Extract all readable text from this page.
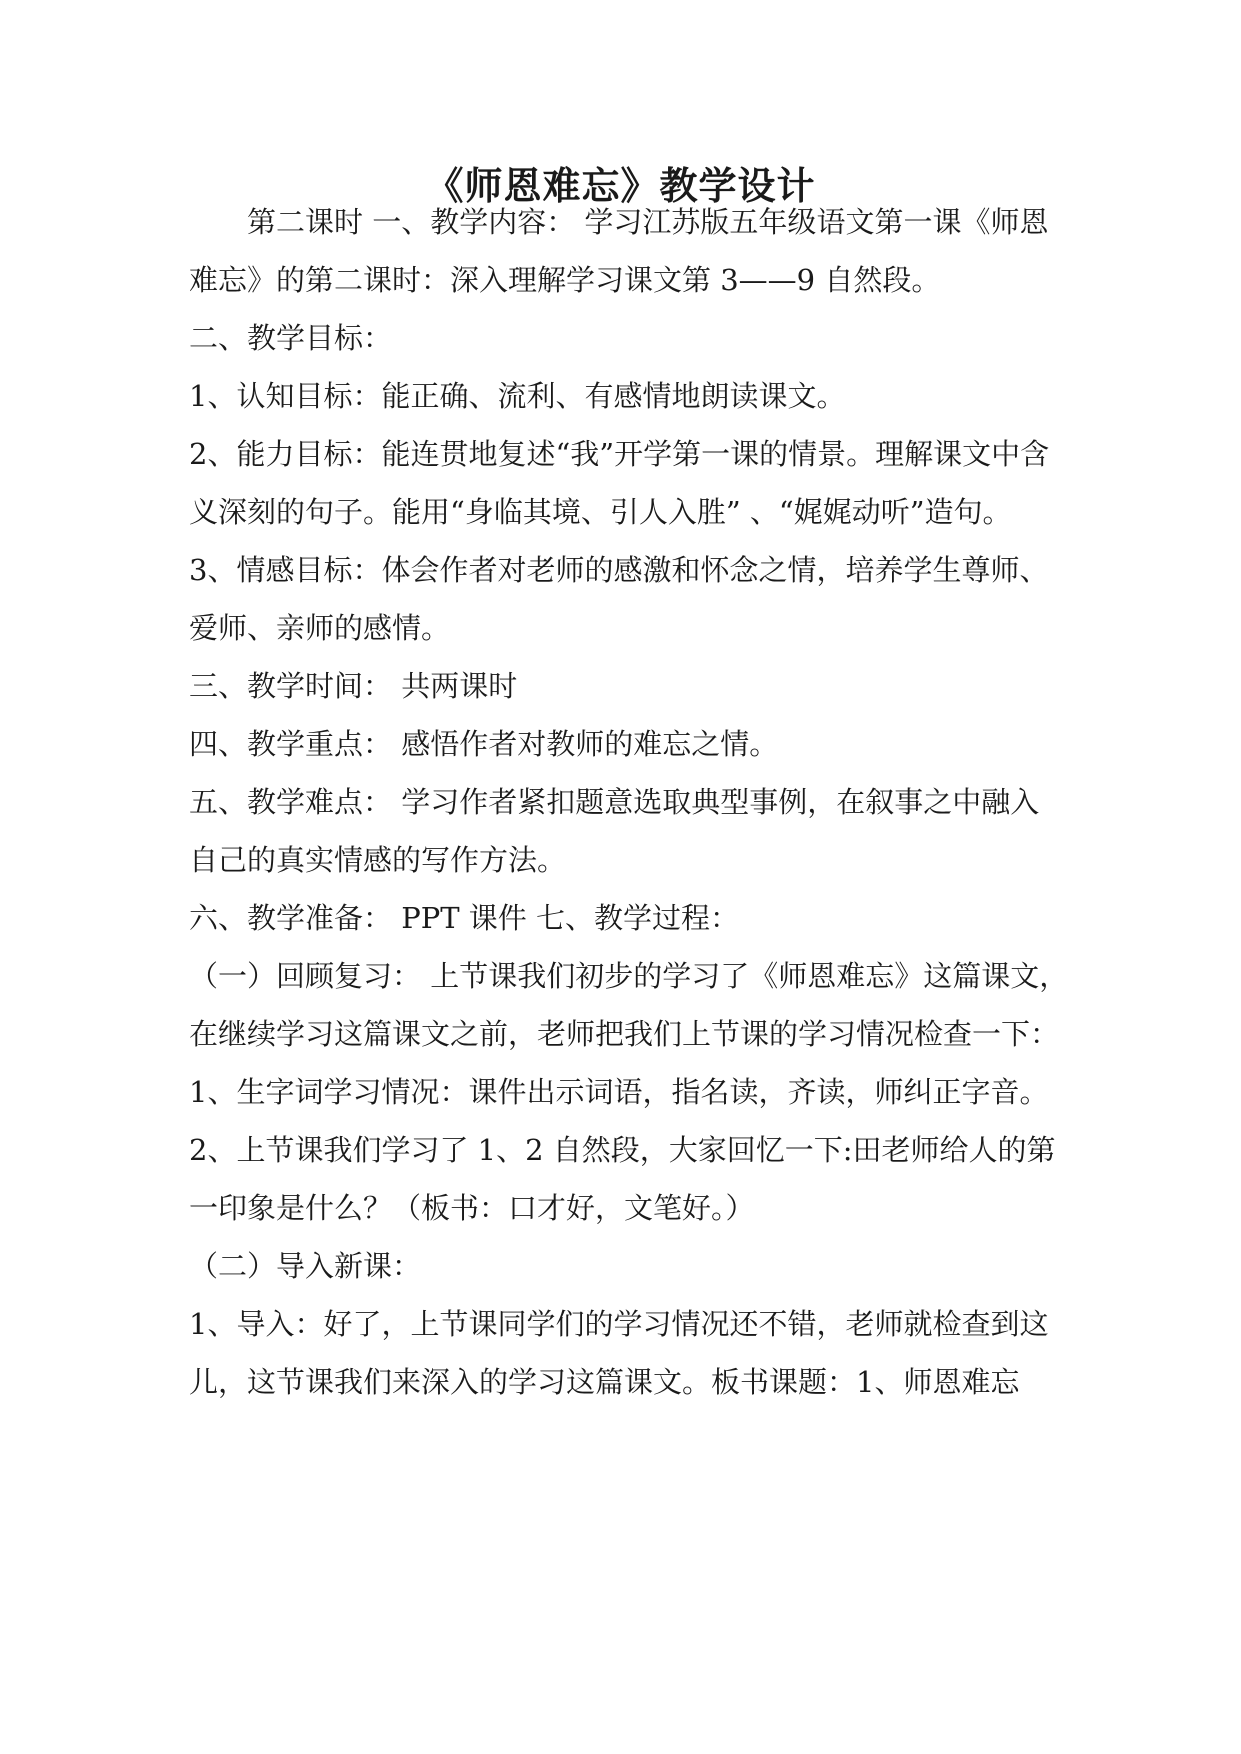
《师恩难忘》教学设计
　　第二课时 一、教学内容： 学习江苏版五年级语文第一课《师恩
难忘》的第二课时：深入理解学习课文第 3——9 自然段。
二、教学目标：
1、认知目标：能正确、流利、有感情地朗读课文。
2、能力目标：能连贯地复述“我”开学第一课的情景。理解课文中含
义深刻的句子。能用“身临其境、引人入胜” 、“娓娓动听”造句。
3、情感目标：体会作者对老师的感激和怀念之情，培养学生尊师、
爱师、亲师的感情。
三、教学时间： 共两课时
四、教学重点： 感悟作者对教师的难忘之情。
五、教学难点： 学习作者紧扣题意选取典型事例，在叙事之中融入
自己的真实情感的写作方法。
六、教学准备： PPT 课件 七、教学过程：
（一）回顾复习： 上节课我们初步的学习了《师恩难忘》这篇课文，
在继续学习这篇课文之前，老师把我们上节课的学习情况检查一下：
1、生字词学习情况：课件出示词语，指名读，齐读，师纠正字音。
2、上节课我们学习了 1、2 自然段，大家回忆一下:田老师给人的第
一印象是什么？（板书：口才好，文笔好。）
（二）导入新课：
1、导入：好了，上节课同学们的学习情况还不错，老师就检查到这
儿，这节课我们来深入的学习这篇课文。板书课题：1、师恩难忘
